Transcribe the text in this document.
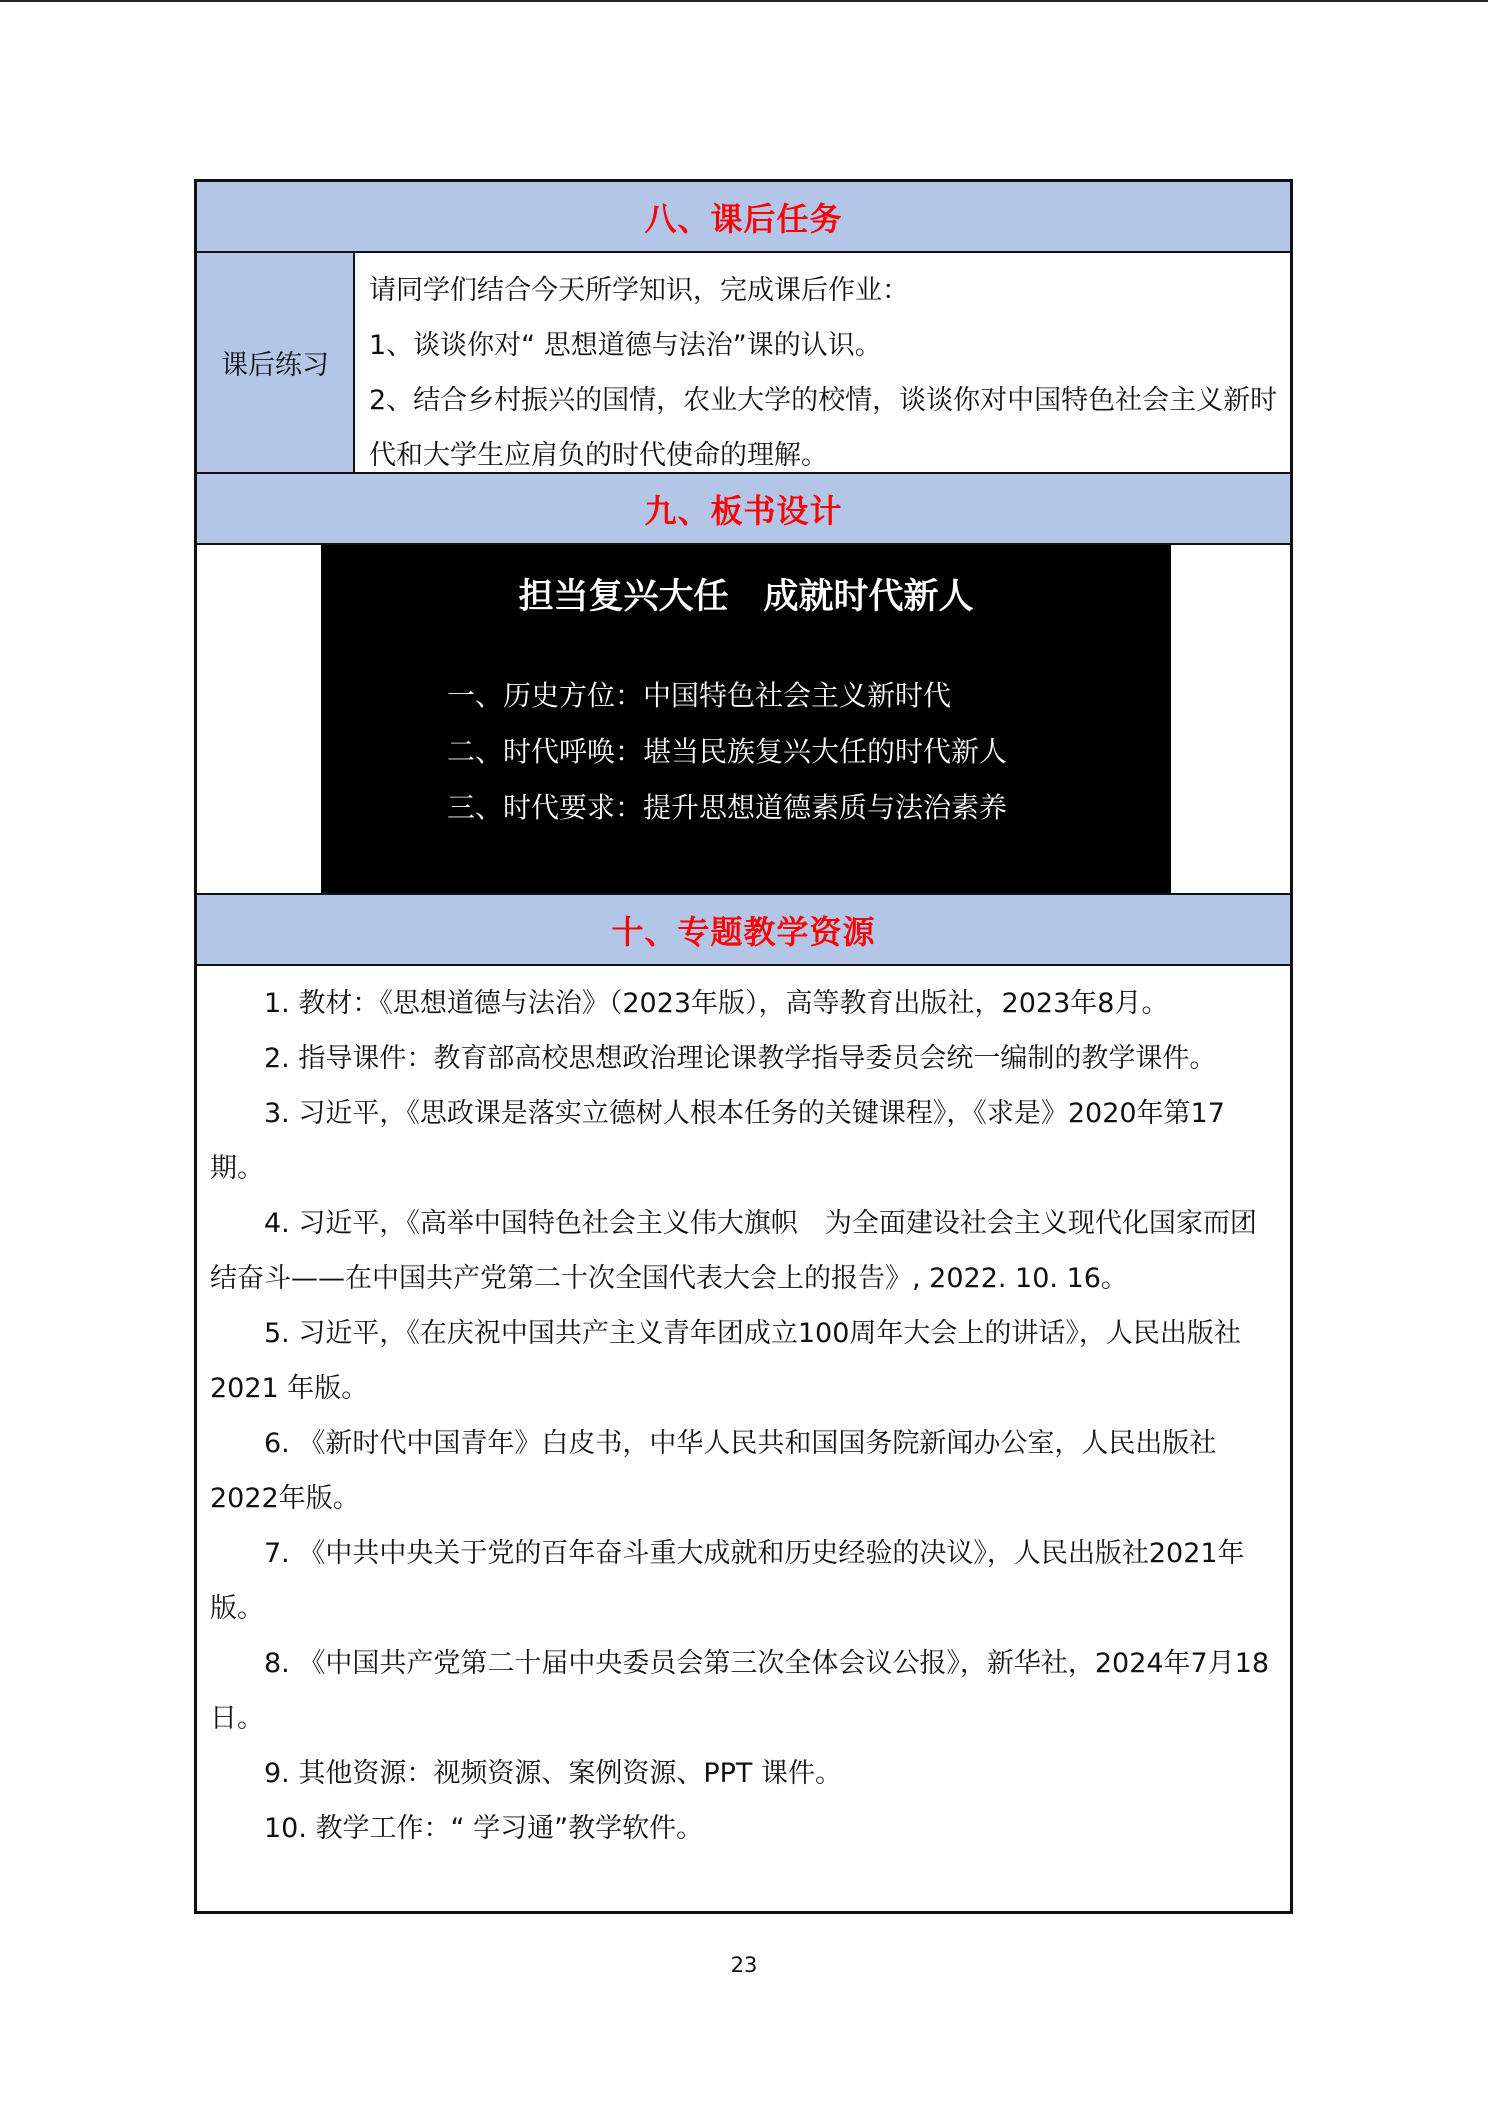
八、课后任务
课后练习

请同学们结合今天所学知识，完成课后作业：

1、谈谈你对“ 思想道德与法治”课的认识。

2、结合乡村振兴的国情，农业大学的校情，谈谈你对中国特色社会主义新时代和大学生应肩负的时代使命的理解。

九、板书设计
担当复兴大任　成就时代新人
一、历史方位：中国特色社会主义新时代
二、时代呼唤：堪当民族复兴大任的时代新人
三、时代要求：提升思想道德素质与法治素养
十、专题教学资源

1. 教材：《思想道德与法治》（2023年版），高等教育出版社，2023年8月。

2. 指导课件：教育部高校思想政治理论课教学指导委员会统一编制的教学课件。

3. 习近平，《思政课是落实立德树人根本任务的关键课程》，《求是》2020年第17期。

4. 习近平，《高举中国特色社会主义伟大旗帜　为全面建设社会主义现代化国家而团结奋斗——在中国共产党第二十次全国代表大会上的报告》, 2022. 10. 16。

5. 习近平，《在庆祝中国共产主义青年团成立100周年大会上的讲话》，人民出版社 2021 年版。

6. 《新时代中国青年》白皮书，中华人民共和国国务院新闻办公室，人民出版社2022年版。

7. 《中共中央关于党的百年奋斗重大成就和历史经验的决议》，人民出版社2021年版。

8. 《中国共产党第二十届中央委员会第三次全体会议公报》，新华社，2024年7月18日。

9. 其他资源：视频资源、案例资源、PPT 课件。

10. 教学工作：“ 学习通”教学软件。

23
